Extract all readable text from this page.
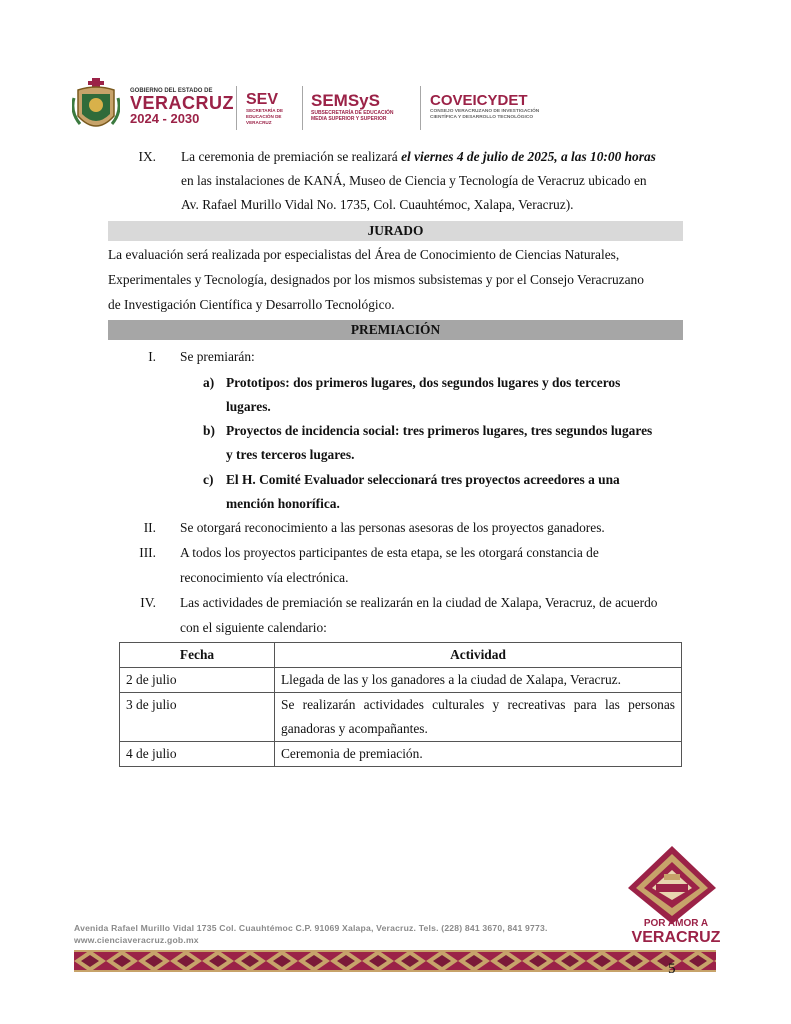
GOBIERNO DEL ESTADO DE
VERACRUZ
2024 - 2030
SEV
SECRETARÍA DE EDUCACIÓN DE VERACRUZ
SEMSyS
SUBSECRETARÍA DE EDUCACIÓN
MEDIA SUPERIOR Y SUPERIOR
COVEICYDET
CONSEJO VERACRUZANO DE INVESTIGACIÓN
CIENTÍFICA Y DESARROLLO TECNOLÓGICO
IX. La ceremonia de premiación se realizará el viernes 4 de julio de 2025, a las 10:00 horas
en las instalaciones de KANÁ, Museo de Ciencia y Tecnología de Veracruz ubicado en
Av. Rafael Murillo Vidal No. 1735, Col. Cuauhtémoc, Xalapa, Veracruz).
JURADO
La evaluación será realizada por especialistas del Área de Conocimiento de Ciencias Naturales,
Experimentales y Tecnología, designados por los mismos subsistemas y por el Consejo Veracruzano
de Investigación Científica y Desarrollo Tecnológico.
PREMIACIÓN
I. Se premiarán:
a) Prototipos: dos primeros lugares, dos segundos lugares y dos terceros
lugares.
b) Proyectos de incidencia social: tres primeros lugares, tres segundos lugares
y tres terceros lugares.
c) El H. Comité Evaluador seleccionará tres proyectos acreedores a una
mención honorífica.
II. Se otorgará reconocimiento a las personas asesoras de los proyectos ganadores.
III. A todos los proyectos participantes de esta etapa, se les otorgará constancia de
reconocimiento vía electrónica.
IV. Las actividades de premiación se realizarán en la ciudad de Xalapa, Veracruz, de acuerdo
con el siguiente calendario:
Fecha	Actividad
2 de julio	Llegada de las y los ganadores a la ciudad de Xalapa, Veracruz.
3 de julio	Se realizarán actividades culturales y recreativas para las personas ganadoras y acompañantes.
4 de julio	Ceremonia de premiación.
POR AMOR A
VERACRUZ
Avenida Rafael Murillo Vidal 1735 Col. Cuauhtémoc C.P. 91069 Xalapa, Veracruz. Tels. (228) 841 3670, 841 9773.
www.cienciaveracruz.gob.mx
5
